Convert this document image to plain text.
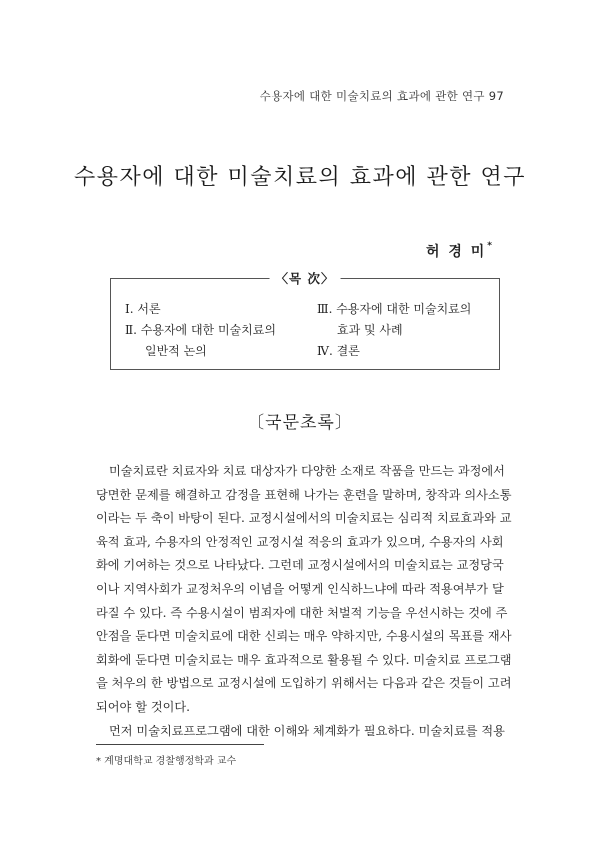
수용자에 대한 미술치료의 효과에 관한 연구 97
수용자에 대한 미술치료의 효과에 관한 연구
허 경 미*
〈목 次〉
Ⅰ. 서론
Ⅱ. 수용자에 대한 미술치료의
일반적 논의
Ⅲ. 수용자에 대한 미술치료의
효과 및 사례
Ⅳ. 결론
〔국문초록〕
미술치료란 치료자와 치료 대상자가 다양한 소재로 작품을 만드는 과정에서
당면한 문제를 해결하고 감정을 표현해 나가는 훈련을 말하며, 창작과 의사소통
이라는 두 축이 바탕이 된다. 교정시설에서의 미술치료는 심리적 치료효과와 교
육적 효과, 수용자의 안정적인 교정시설 적응의 효과가 있으며, 수용자의 사회
화에 기여하는 것으로 나타났다. 그런데 교정시설에서의 미술치료는 교정당국
이나 지역사회가 교정처우의 이념을 어떻게 인식하느냐에 따라 적용여부가 달
라질 수 있다. 즉 수용시설이 범죄자에 대한 처벌적 기능을 우선시하는 것에 주
안점을 둔다면 미술치료에 대한 신뢰는 매우 약하지만, 수용시설의 목표를 재사
회화에 둔다면 미술치료는 매우 효과적으로 활용될 수 있다. 미술치료 프로그램
을 처우의 한 방법으로 교정시설에 도입하기 위해서는 다음과 같은 것들이 고려
되어야 할 것이다.
먼저 미술치료프로그램에 대한 이해와 체계화가 필요하다. 미술치료를 적용
* 계명대학교 경찰행정학과 교수
